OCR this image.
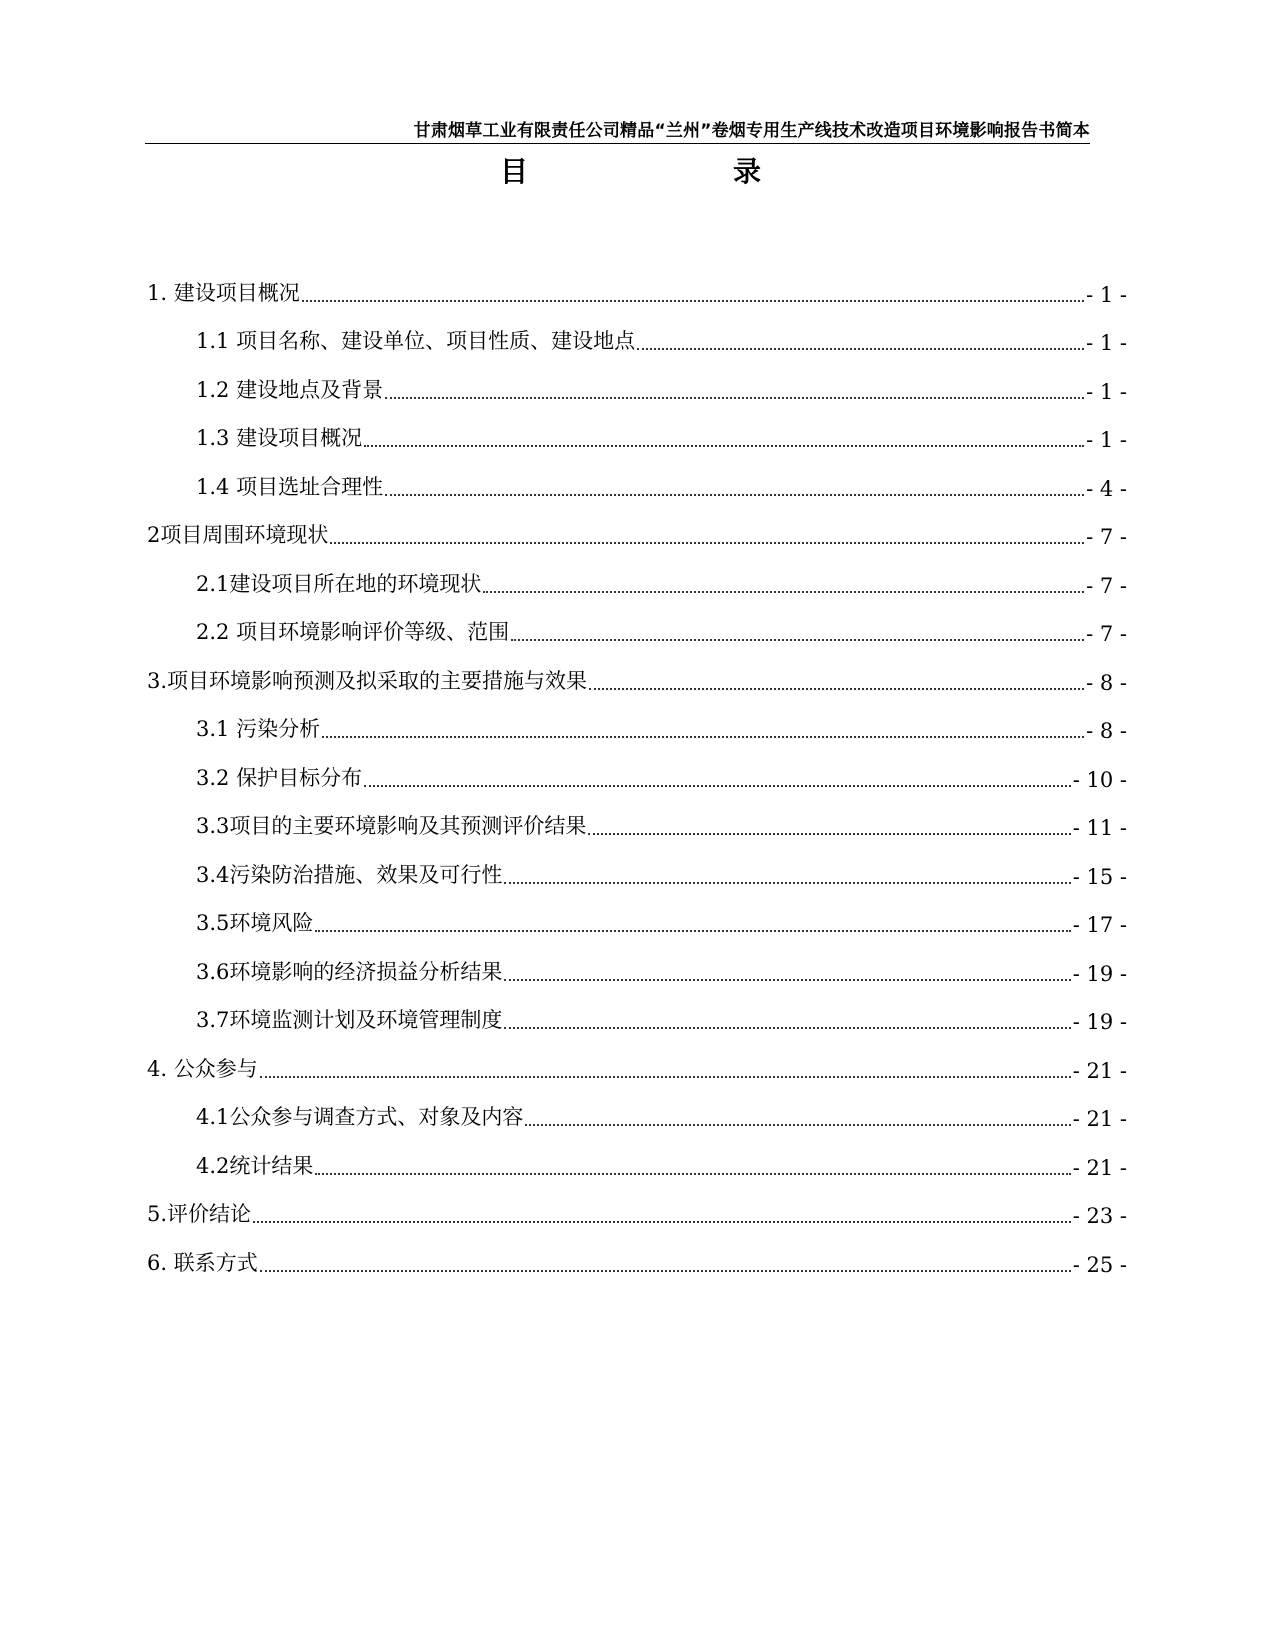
甘肃烟草工业有限责任公司精品“兰州”卷烟专用生产线技术改造项目环境影响报告书简本
目	录
1. 建设项目概况	- 1 -
1.1 项目名称、建设单位、项目性质、建设地点	- 1 -
1.2 建设地点及背景	- 1 -
1.3 建设项目概况	- 1 -
1.4 项目选址合理性	- 4 -
2项目周围环境现状	- 7 -
2.1建设项目所在地的环境现状	- 7 -
2.2 项目环境影响评价等级、范围	- 7 -
3.项目环境影响预测及拟采取的主要措施与效果	- 8 -
3.1 污染分析	- 8 -
3.2 保护目标分布	- 10 -
3.3项目的主要环境影响及其预测评价结果	- 11 -
3.4污染防治措施、效果及可行性	- 15 -
3.5环境风险	- 17 -
3.6环境影响的经济损益分析结果	- 19 -
3.7环境监测计划及环境管理制度	- 19 -
4. 公众参与	- 21 -
4.1公众参与调查方式、对象及内容	- 21 -
4.2统计结果	- 21 -
5.评价结论	- 23 -
6. 联系方式	- 25 -
